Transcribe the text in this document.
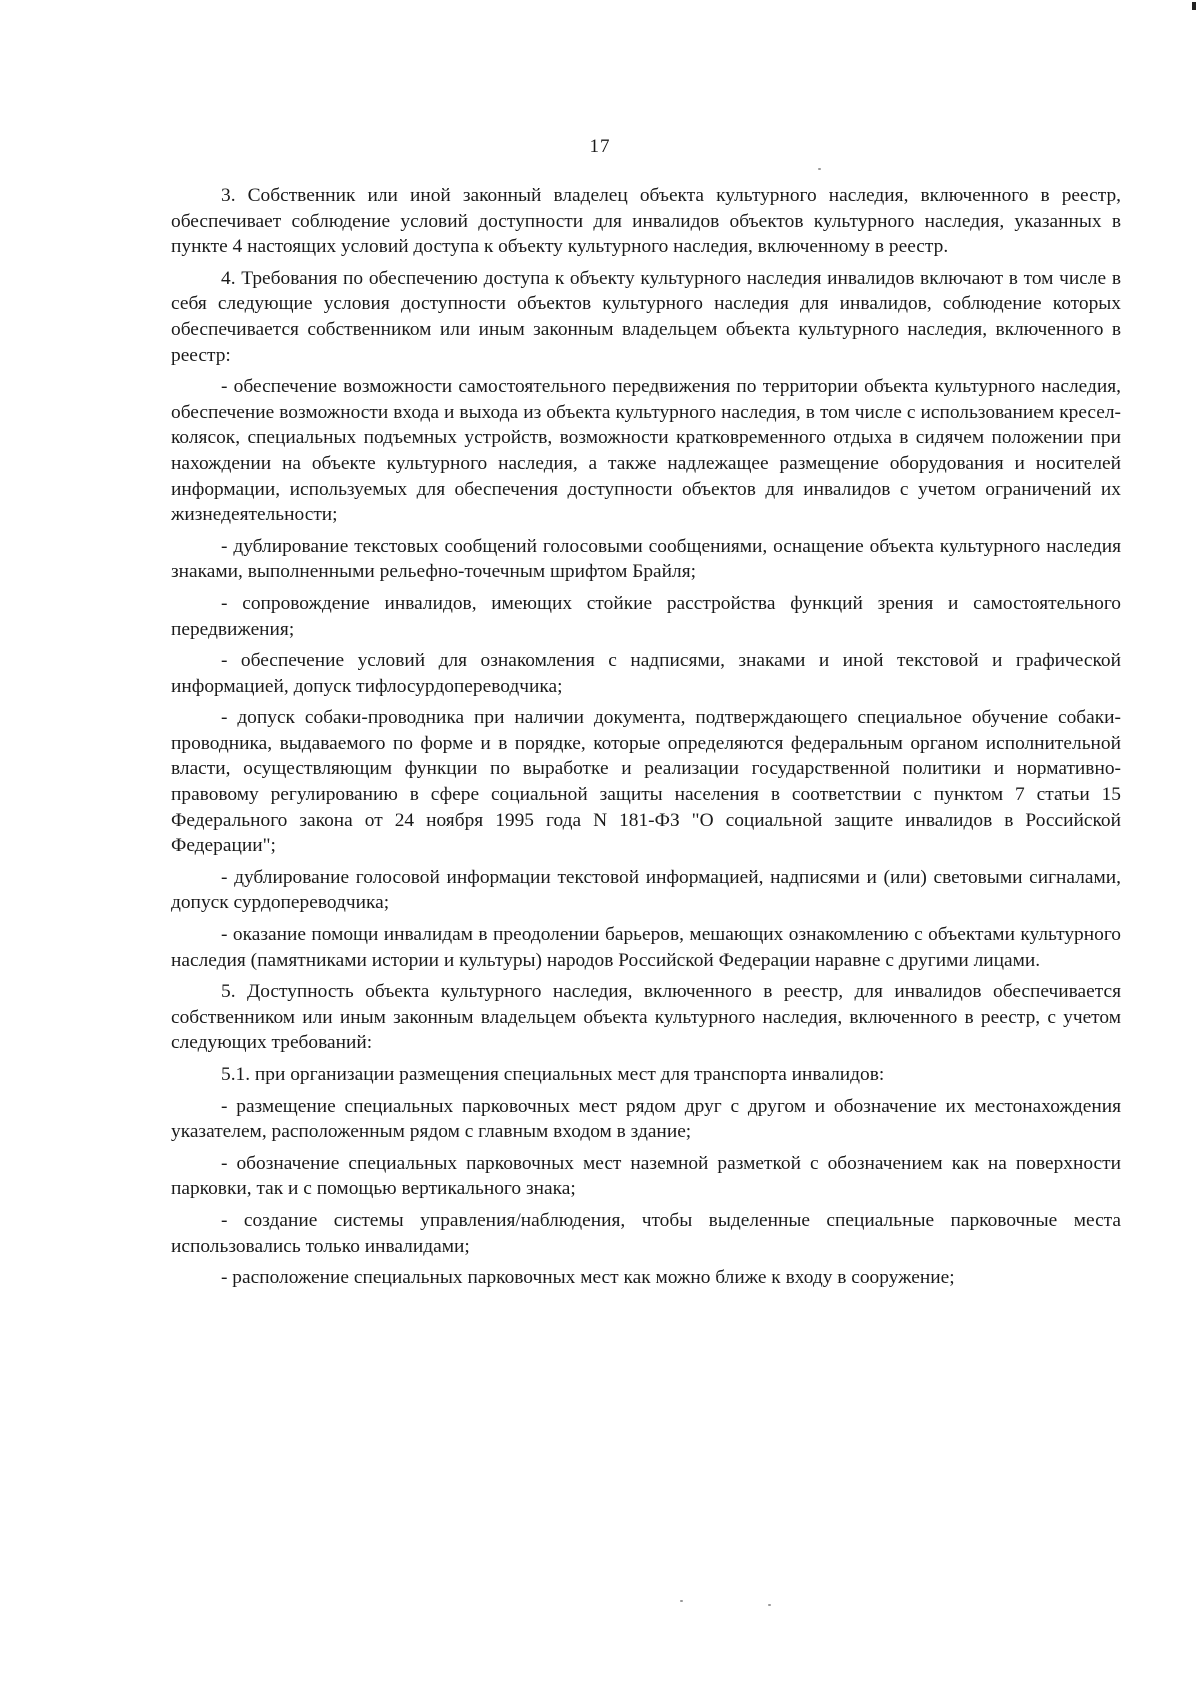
17

3. Собственник или иной законный владелец объекта культурного наследия, включенного в реестр, обеспечивает соблюдение условий доступности для инвалидов объектов культурного наследия, указанных в пункте 4 настоящих условий доступа к объекту культурного наследия, включенному в реестр.

4. Требования по обеспечению доступа к объекту культурного наследия инвалидов включают в том числе в себя следующие условия доступности объектов культурного наследия для инвалидов, соблюдение которых обеспечивается собственником или иным законным владельцем объекта культурного наследия, включенного в реестр:

- обеспечение возможности самостоятельного передвижения по территории объекта культурного наследия, обеспечение возможности входа и выхода из объекта культурного наследия, в том числе с использованием кресел-колясок, специальных подъемных устройств, возможности кратковременного отдыха в сидячем положении при нахождении на объекте культурного наследия, а также надлежащее размещение оборудования и носителей информации, используемых для обеспечения доступности объектов для инвалидов с учетом ограничений их жизнедеятельности;

- дублирование текстовых сообщений голосовыми сообщениями, оснащение объекта культурного наследия знаками, выполненными рельефно-точечным шрифтом Брайля;

- сопровождение инвалидов, имеющих стойкие расстройства функций зрения и самостоятельного передвижения;

- обеспечение условий для ознакомления с надписями, знаками и иной текстовой и графической информацией, допуск тифлосурдопереводчика;

- допуск собаки-проводника при наличии документа, подтверждающего специальное обучение собаки-проводника, выдаваемого по форме и в порядке, которые определяются федеральным органом исполнительной власти, осуществляющим функции по выработке и реализации государственной политики и нормативно-правовому регулированию в сфере социальной защиты населения в соответствии с пунктом 7 статьи 15 Федерального закона от 24 ноября 1995 года N 181-ФЗ "О социальной защите инвалидов в Российской Федерации";

- дублирование голосовой информации текстовой информацией, надписями и (или) световыми сигналами, допуск сурдопереводчика;

- оказание помощи инвалидам в преодолении барьеров, мешающих ознакомлению с объектами культурного наследия (памятниками истории и культуры) народов Российской Федерации наравне с другими лицами.

5. Доступность объекта культурного наследия, включенного в реестр, для инвалидов обеспечивается собственником или иным законным владельцем объекта культурного наследия, включенного в реестр, с учетом следующих требований:

5.1. при организации размещения специальных мест для транспорта инвалидов:

- размещение специальных парковочных мест рядом друг с другом и обозначение их местонахождения указателем, расположенным рядом с главным входом в здание;

- обозначение специальных парковочных мест наземной разметкой с обозначением как на поверхности парковки, так и с помощью вертикального знака;

- создание системы управления/наблюдения, чтобы выделенные специальные парковочные места использовались только инвалидами;

- расположение специальных парковочных мест как можно ближе к входу в сооружение;
